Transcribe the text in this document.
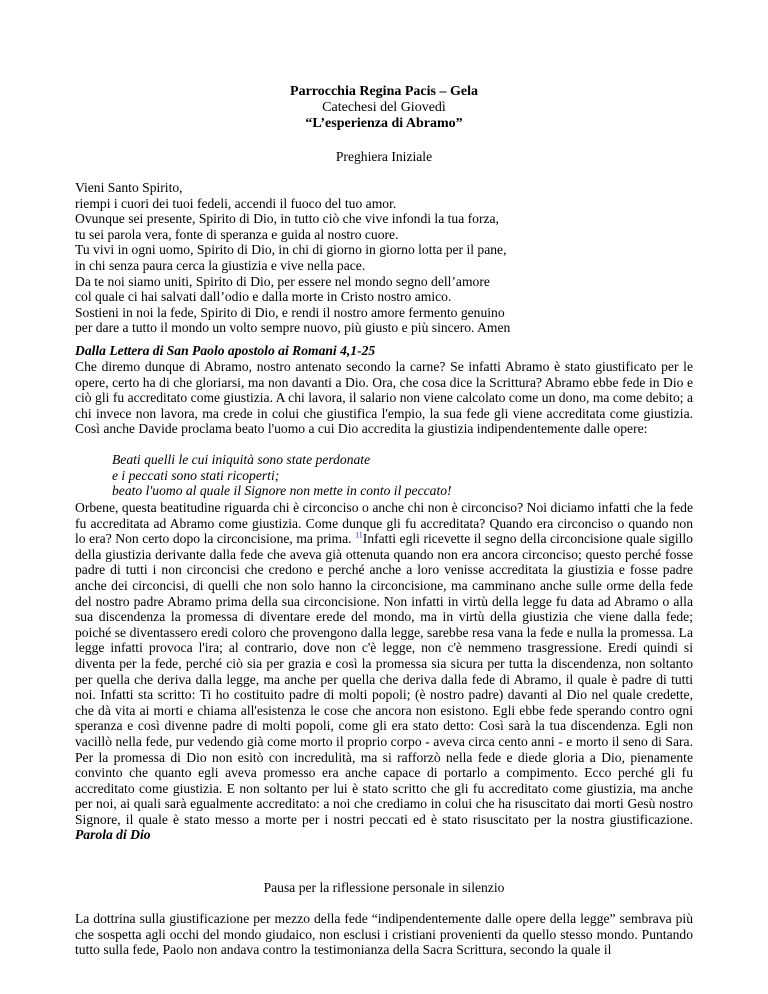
Parrocchia Regina Pacis – Gela
Catechesi del Giovedì
“L’esperienza di Abramo”
Preghiera Iniziale
Vieni Santo Spirito,
riempi i cuori dei tuoi fedeli, accendi il fuoco del tuo amor.
Ovunque sei presente, Spirito di Dio, in tutto ciò che vive infondi la tua forza,
tu sei parola vera, fonte di speranza e guida al nostro cuore.
Tu vivi in ogni uomo, Spirito di Dio, in chi di giorno in giorno lotta per il pane,
in chi senza paura cerca la giustizia e vive nella pace.
Da te noi siamo uniti, Spirito di Dio, per essere nel mondo segno dell’amore
col quale ci hai salvati dall’odio e dalla morte in Cristo nostro amico.
Sostieni in noi la fede, Spirito di Dio, e rendi il nostro amore fermento genuino
per dare a tutto il mondo un volto sempre nuovo, più giusto e più sincero. Amen
Dalla Lettera di San Paolo apostolo ai Romani 4,1-25
Che diremo dunque di Abramo, nostro antenato secondo la carne? Se infatti Abramo è stato giustificato per le opere, certo ha di che gloriarsi, ma non davanti a Dio. Ora, che cosa dice la Scrittura? Abramo ebbe fede in Dio e ciò gli fu accreditato come giustizia. A chi lavora, il salario non viene calcolato come un dono, ma come debito; a chi invece non lavora, ma crede in colui che giustifica l'empio, la sua fede gli viene accreditata come giustizia. Così anche Davide proclama beato l'uomo a cui Dio accredita la giustizia indipendentemente dalle opere:
Beati quelli le cui iniquità sono state perdonate
e i peccati sono stati ricoperti;
beato l'uomo al quale il Signore non mette in conto il peccato!
Orbene, questa beatitudine riguarda chi è circonciso o anche chi non è circonciso? Noi diciamo infatti che la fede fu accreditata ad Abramo come giustizia. Come dunque gli fu accreditata? Quando era circonciso o quando non lo era? Non certo dopo la circoncisione, ma prima. $^{11}$Infatti egli ricevette il segno della circoncisione quale sigillo della giustizia derivante dalla fede che aveva già ottenuta quando non era ancora circonciso; questo perché fosse padre di tutti i non circoncisi che credono e perché anche a loro venisse accreditata la giustizia e fosse padre anche dei circoncisi, di quelli che non solo hanno la circoncisione, ma camminano anche sulle orme della fede del nostro padre Abramo prima della sua circoncisione. Non infatti in virtù della legge fu data ad Abramo o alla sua discendenza la promessa di diventare erede del mondo, ma in virtù della giustizia che viene dalla fede; poiché se diventassero eredi coloro che provengono dalla legge, sarebbe resa vana la fede e nulla la promessa. La legge infatti provoca l'ira; al contrario, dove non c'è legge, non c'è nemmeno trasgressione. Eredi quindi si diventa per la fede, perché ciò sia per grazia e così la promessa sia sicura per tutta la discendenza, non soltanto per quella che deriva dalla legge, ma anche per quella che deriva dalla fede di Abramo, il quale è padre di tutti noi. Infatti sta scritto: Ti ho costituito padre di molti popoli; (è nostro padre) davanti al Dio nel quale credette, che dà vita ai morti e chiama all'esistenza le cose che ancora non esistono. Egli ebbe fede sperando contro ogni speranza e così divenne padre di molti popoli, come gli era stato detto: Così sarà la tua discendenza. Egli non vacillò nella fede, pur vedendo già come morto il proprio corpo - aveva circa cento anni - e morto il seno di Sara. Per la promessa di Dio non esitò con incredulità, ma si rafforzò nella fede e diede gloria a Dio, pienamente convinto che quanto egli aveva promesso era anche capace di portarlo a compimento. Ecco perché gli fu accreditato come giustizia. E non soltanto per lui è stato scritto che gli fu accreditato come giustizia, ma anche per noi, ai quali sarà egualmente accreditato: a noi che crediamo in colui che ha risuscitato dai morti Gesù nostro Signore, il quale è stato messo a morte per i nostri peccati ed è stato risuscitato per la nostra giustificazione. Parola di Dio
Pausa per la riflessione personale in silenzio
La dottrina sulla giustificazione per mezzo della fede “indipendentemente dalle opere della legge” sembrava più che sospetta agli occhi del mondo giudaico, non esclusi i cristiani provenienti da quello stesso mondo. Puntando tutto sulla fede, Paolo non andava contro la testimonianza della Sacra Scrittura, secondo la quale il
